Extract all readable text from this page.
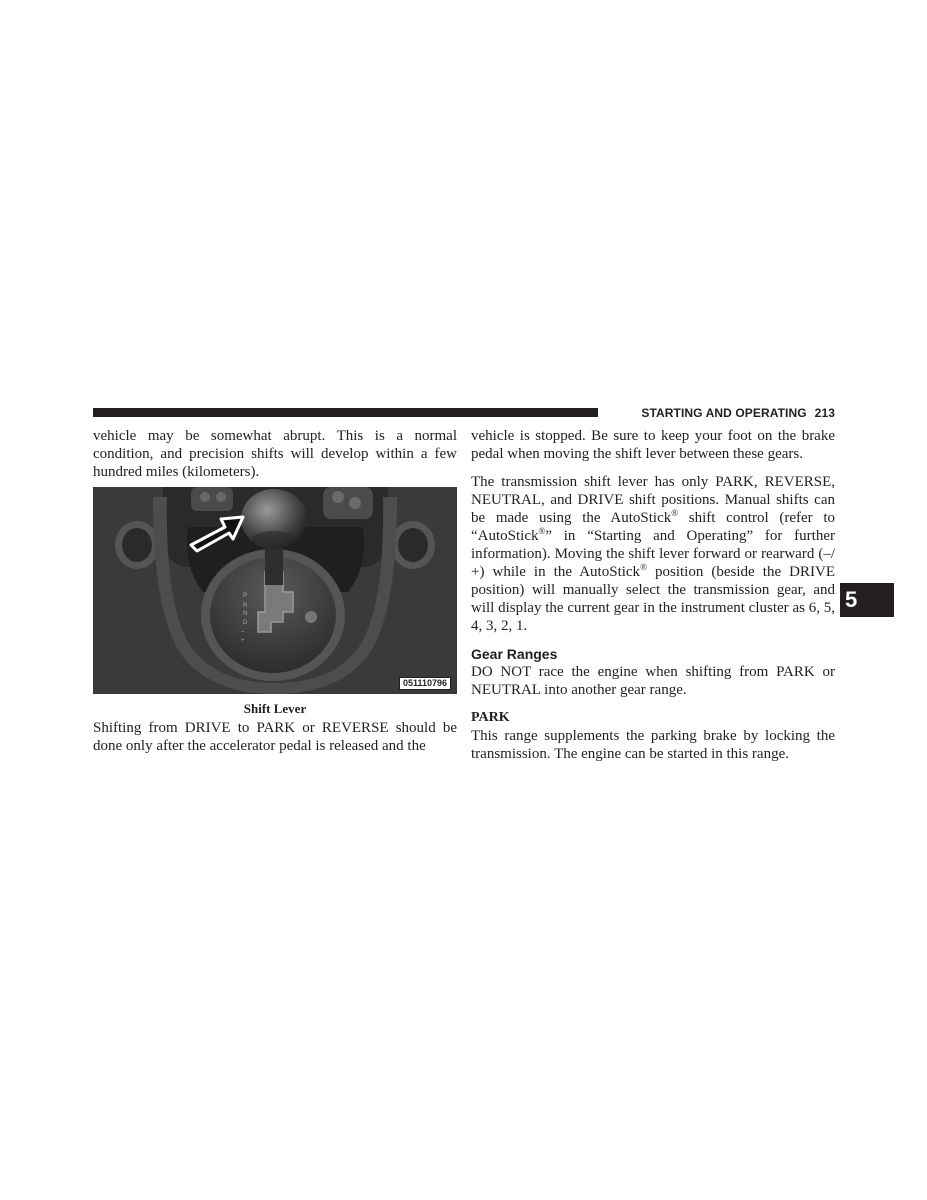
STARTING AND OPERATING 213
5

vehicle may be somewhat abrupt. This is a normal condition, and precision shifts will develop within a few hundred miles (kilometers).

P
R
N
D
–
+
051110796
Shift Lever

Shifting from DRIVE to PARK or REVERSE should be done only after the accelerator pedal is released and the

vehicle is stopped. Be sure to keep your foot on the brake pedal when moving the shift lever between these gears.

The transmission shift lever has only PARK, REVERSE, NEUTRAL, and DRIVE shift positions. Manual shifts can be made using the AutoStick® shift control (refer to “AutoStick®” in “Starting and Operating” for further information). Moving the shift lever forward or rearward (–/ +) while in the AutoStick® position (beside the DRIVE position) will manually select the transmission gear, and will display the current gear in the instrument cluster as 6, 5, 4, 3, 2, 1.

Gear Ranges

DO NOT race the engine when shifting from PARK or NEUTRAL into another gear range.

PARK

This range supplements the parking brake by locking the transmission. The engine can be started in this range.
